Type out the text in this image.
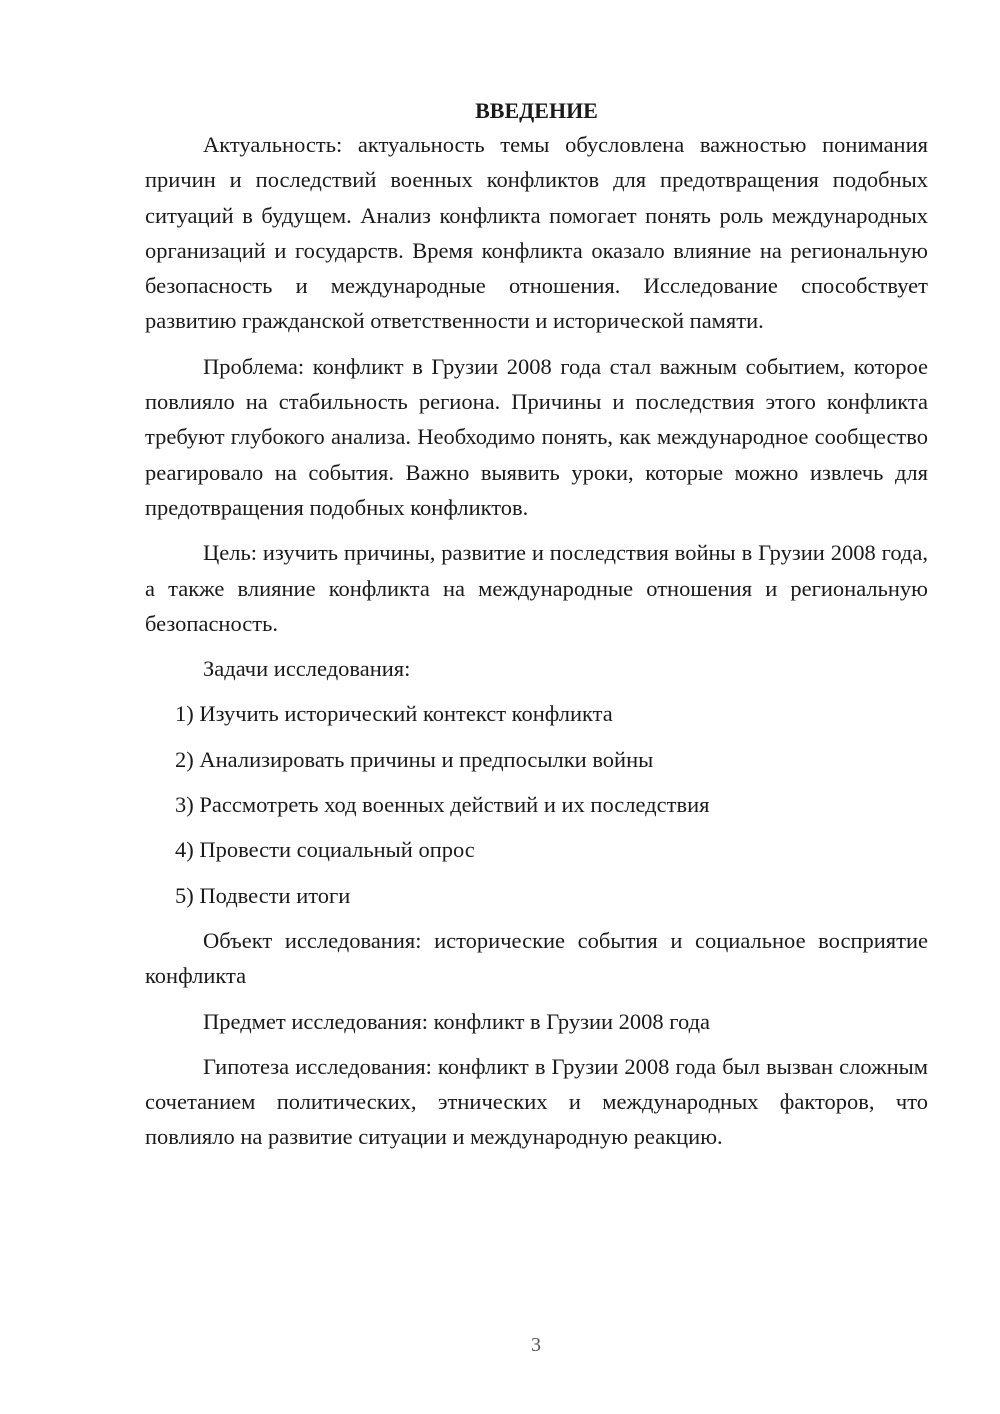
ВВЕДЕНИЕ

Актуальность: актуальность темы обусловлена важностью понимания причин и последствий военных конфликтов для предотвращения подобных ситуаций в будущем. Анализ конфликта помогает понять роль международных организаций и государств. Время конфликта оказало влияние на региональную безопасность и международные отношения. Исследование способствует развитию гражданской ответственности и исторической памяти.

Проблема: конфликт в Грузии 2008 года стал важным событием, которое повлияло на стабильность региона. Причины и последствия этого конфликта требуют глубокого анализа. Необходимо понять, как международное сообщество реагировало на события. Важно выявить уроки, которые можно извлечь для предотвращения подобных конфликтов.

Цель: изучить причины, развитие и последствия войны в Грузии 2008 года, а также влияние конфликта на международные отношения и региональную безопасность.

Задачи исследования:

1) Изучить исторический контекст конфликта
2) Анализировать причины и предпосылки войны
3) Рассмотреть ход военных действий и их последствия
4) Провести социальный опрос
5) Подвести итоги

Объект исследования: исторические события и социальное восприятие конфликта

Предмет исследования: конфликт в Грузии 2008 года

Гипотеза исследования: конфликт в Грузии 2008 года был вызван сложным сочетанием политических, этнических и международных факторов, что повлияло на развитие ситуации и международную реакцию.

3
